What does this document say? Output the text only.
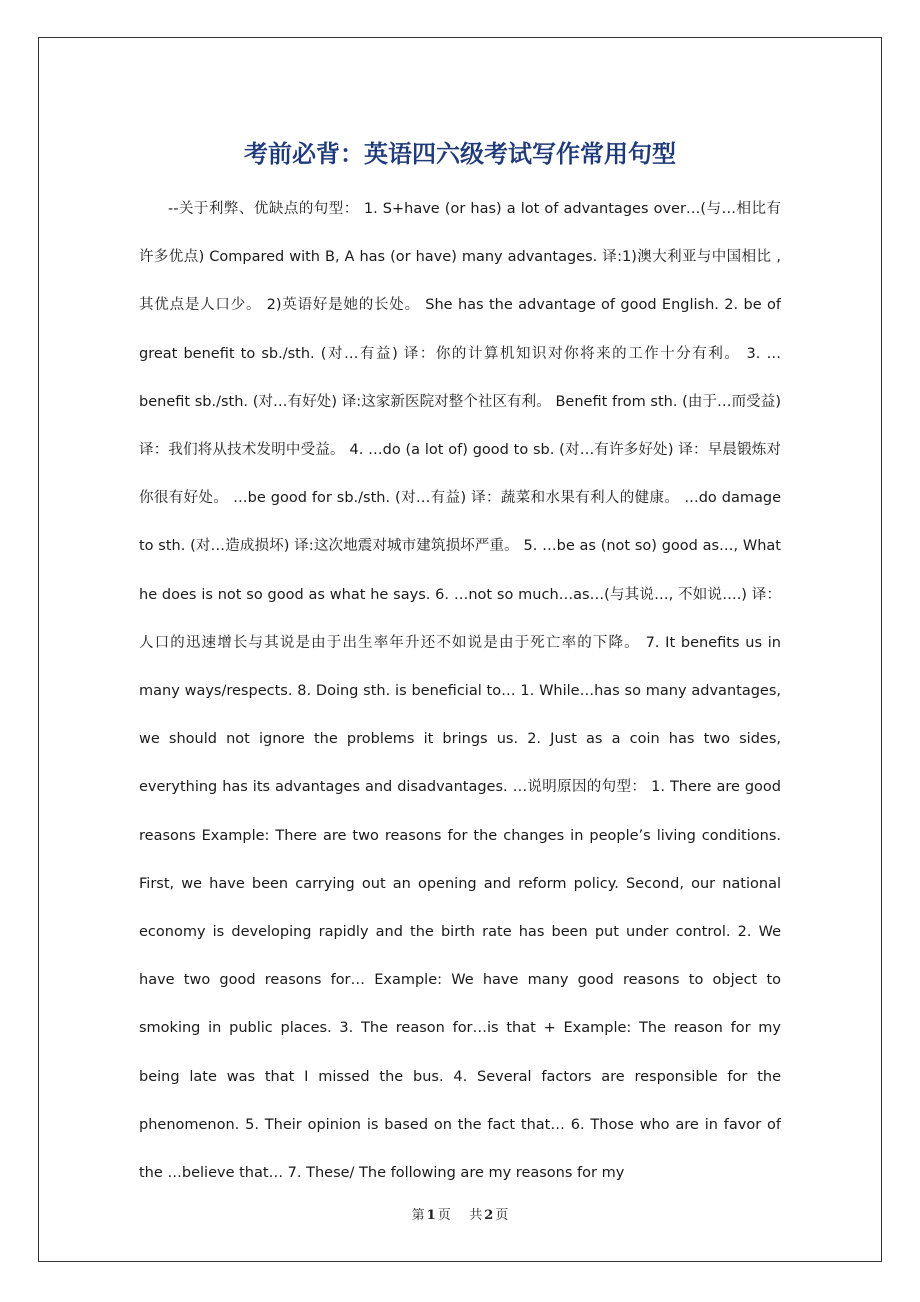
考前必背：英语四六级考试写作常用句型

--关于利弊、优缺点的句型： 1. S+have (or has) a lot of advantages over…(与…相比有许多优点) Compared with B, A has (or have) many advantages. 译:1)澳大利亚与中国相比 ,其优点是人口少。 2)英语好是她的长处。 She has the advantage of good English. 2. be of great benefit to sb./sth. (对…有益) 译：你的计算机知识对你将来的工作十分有利。 3. …benefit sb./sth. (对…有好处) 译:这家新医院对整个社区有利。 Benefit from sth. (由于…而受益) 译：我们将从技术发明中受益。 4. …do (a lot of) good to sb. (对…有许多好处) 译：早晨锻炼对你很有好处。 …be good for sb./sth. (对…有益) 译：蔬菜和水果有利人的健康。 …do damage to sth. (对…造成损坏) 译:这次地震对城市建筑损坏严重。 5. …be as (not so) good as…, What he does is not so good as what he says. 6. …not so much…as…(与其说…, 不如说….) 译：人口的迅速增长与其说是由于出生率年升还不如说是由于死亡率的下降。 7. It benefits us in many ways/respects. 8. Doing sth. is beneficial to… 1. While…has so many advantages, we should not ignore the problems it brings us. 2. Just as a coin has two sides, everything has its advantages and disadvantages. …说明原因的句型： 1. There are good reasons Example: There are two reasons for the changes in people’s living conditions. First, we have been carrying out an opening and reform policy. Second, our national economy is developing rapidly and the birth rate has been put under control. 2. We have two good reasons for… Example: We have many good reasons to object to smoking in public places. 3. The reason for…is that + Example: The reason for my being late was that I missed the bus. 4. Several factors are responsible for the phenomenon. 5. Their opinion is based on the fact that… 6. Those who are in favor of the …believe that… 7. These/ The following are my reasons for my

第 1 页 共 2 页
